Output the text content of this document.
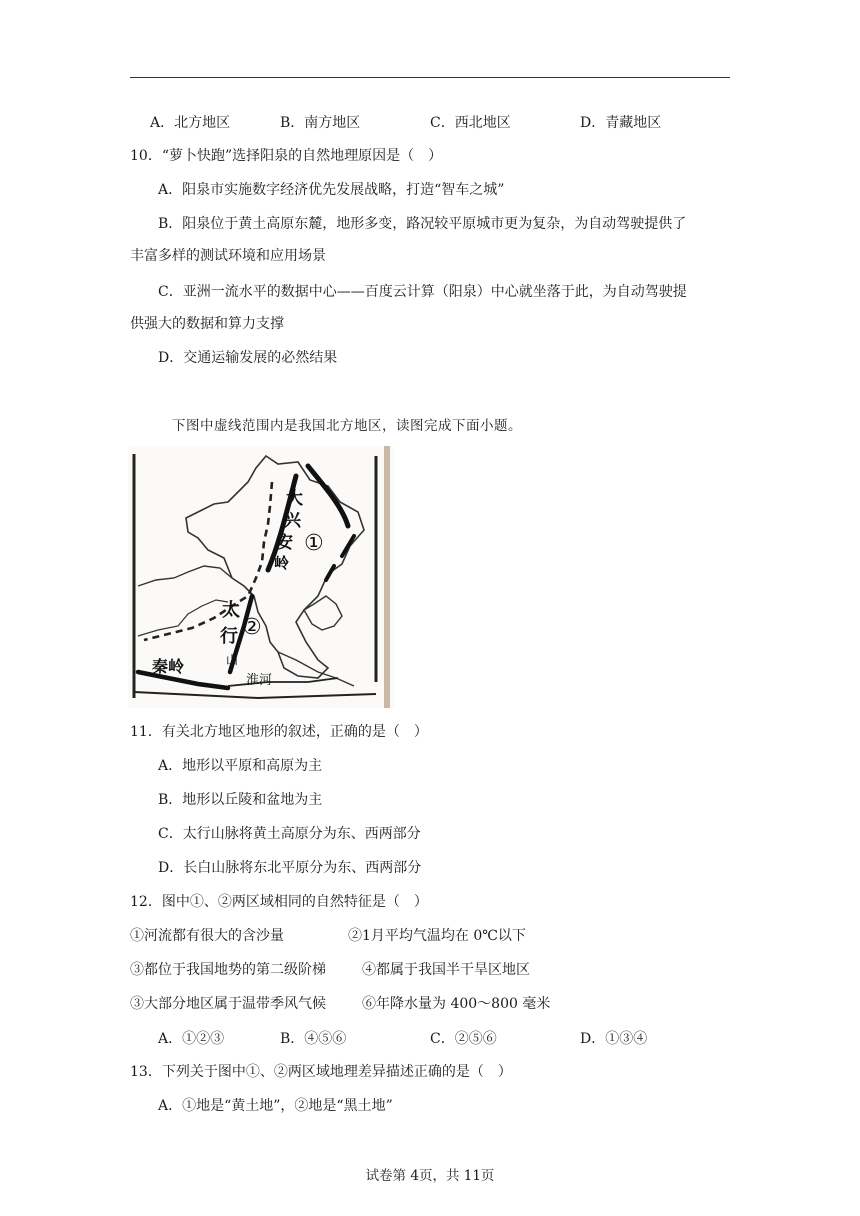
A．北方地区	B．南方地区	C．西北地区	D．青藏地区
10．“萝卜快跑”选择阳泉的自然地理原因是（　）
A．阳泉市实施数字经济优先发展战略，打造“智车之城”
B．阳泉位于黄土高原东麓，地形多变，路况较平原城市更为复杂，为自动驾驶提供了
丰富多样的测试环境和应用场景
C．亚洲一流水平的数据中心——百度云计算（阳泉）中心就坐落于此，为自动驾驶提
供强大的数据和算力支撑
D．交通运输发展的必然结果
下图中虚线范围内是我国北方地区，读图完成下面小题。
大
兴
安
岭
①
太
行
山
②
秦岭
淮河
11．有关北方地区地形的叙述，正确的是（　）
A．地形以平原和高原为主
B．地形以丘陵和盆地为主
C．太行山脉将黄土高原分为东、西两部分
D．长白山脉将东北平原分为东、西两部分
12．图中①、②两区域相同的自然特征是（　）
①河流都有很大的含沙量	②1月平均气温均在 0℃以下
③都位于我国地势的第二级阶梯	④都属于我国半干旱区地区
③大部分地区属于温带季风气候	⑥年降水量为 400～800 毫米
A．①②③	B．④⑤⑥	C．②⑤⑥	D．①③④
13．下列关于图中①、②两区域地理差异描述正确的是（　）
A．①地是“黄土地”，②地是“黑土地”
试卷第 4页，共 11页
